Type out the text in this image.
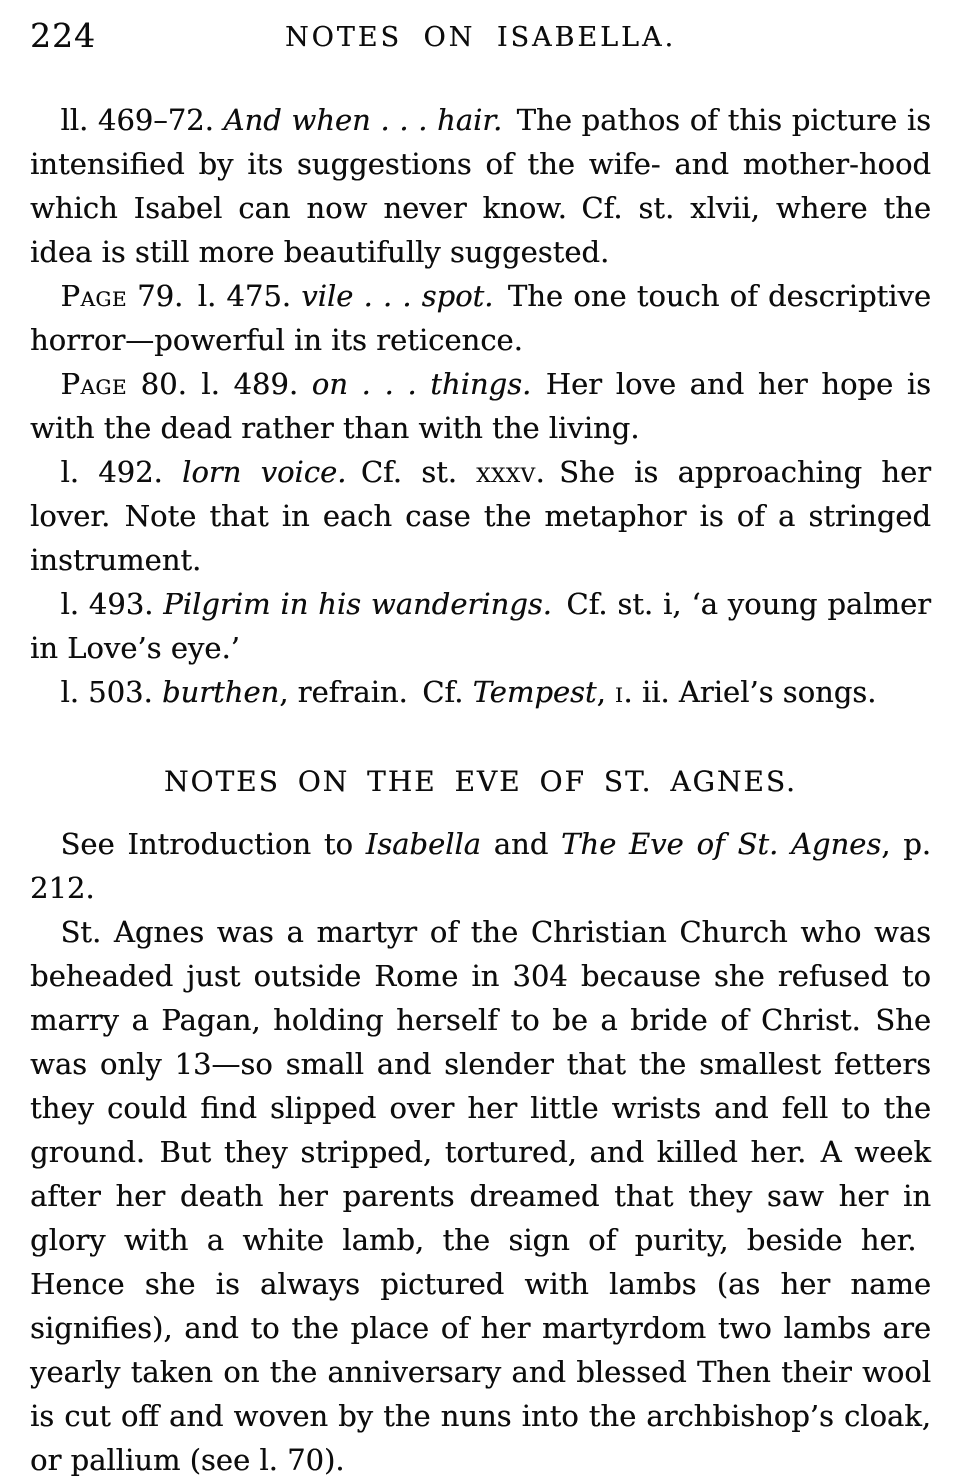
224	NOTES ON ISABELLA.

ll. 469–72. And when . . . hair. The pathos of this picture is intensified by its suggestions of the wife- and mother-hood which Isabel can now never know. Cf. st. xlvii, where the idea is still more beautifully suggested.

Page 79. l. 475. vile . . . spot. The one touch of descriptive horror—powerful in its reticence.

Page 80. l. 489. on . . . things. Her love and her hope is with the dead rather than with the living.

l. 492. lorn voice. Cf. st. xxxv. She is approaching her lover. Note that in each case the metaphor is of a stringed instrument.

l. 493. Pilgrim in his wanderings. Cf. st. i, ‘a young palmer in Love’s eye.’

l. 503. burthen, refrain. Cf. Tempest, i. ii. Ariel’s songs.

NOTES ON THE EVE OF ST. AGNES.

See Introduction to Isabella and The Eve of St. Agnes, p. 212.

St. Agnes was a martyr of the Christian Church who was beheaded just outside Rome in 304 because she refused to marry a Pagan, holding herself to be a bride of Christ. She was only 13—so small and slender that the smallest fetters they could find slipped over her little wrists and fell to the ground. But they stripped, tortured, and killed her. A week after her death her parents dreamed that they saw her in glory with a white lamb, the sign of purity, beside her. Hence she is always pictured with lambs (as her name signifies), and to the place of her martyrdom two lambs are yearly taken on the anniversary and blessed Then their wool is cut off and woven by the nuns into the archbishop’s cloak, or pallium (see l. 70).
